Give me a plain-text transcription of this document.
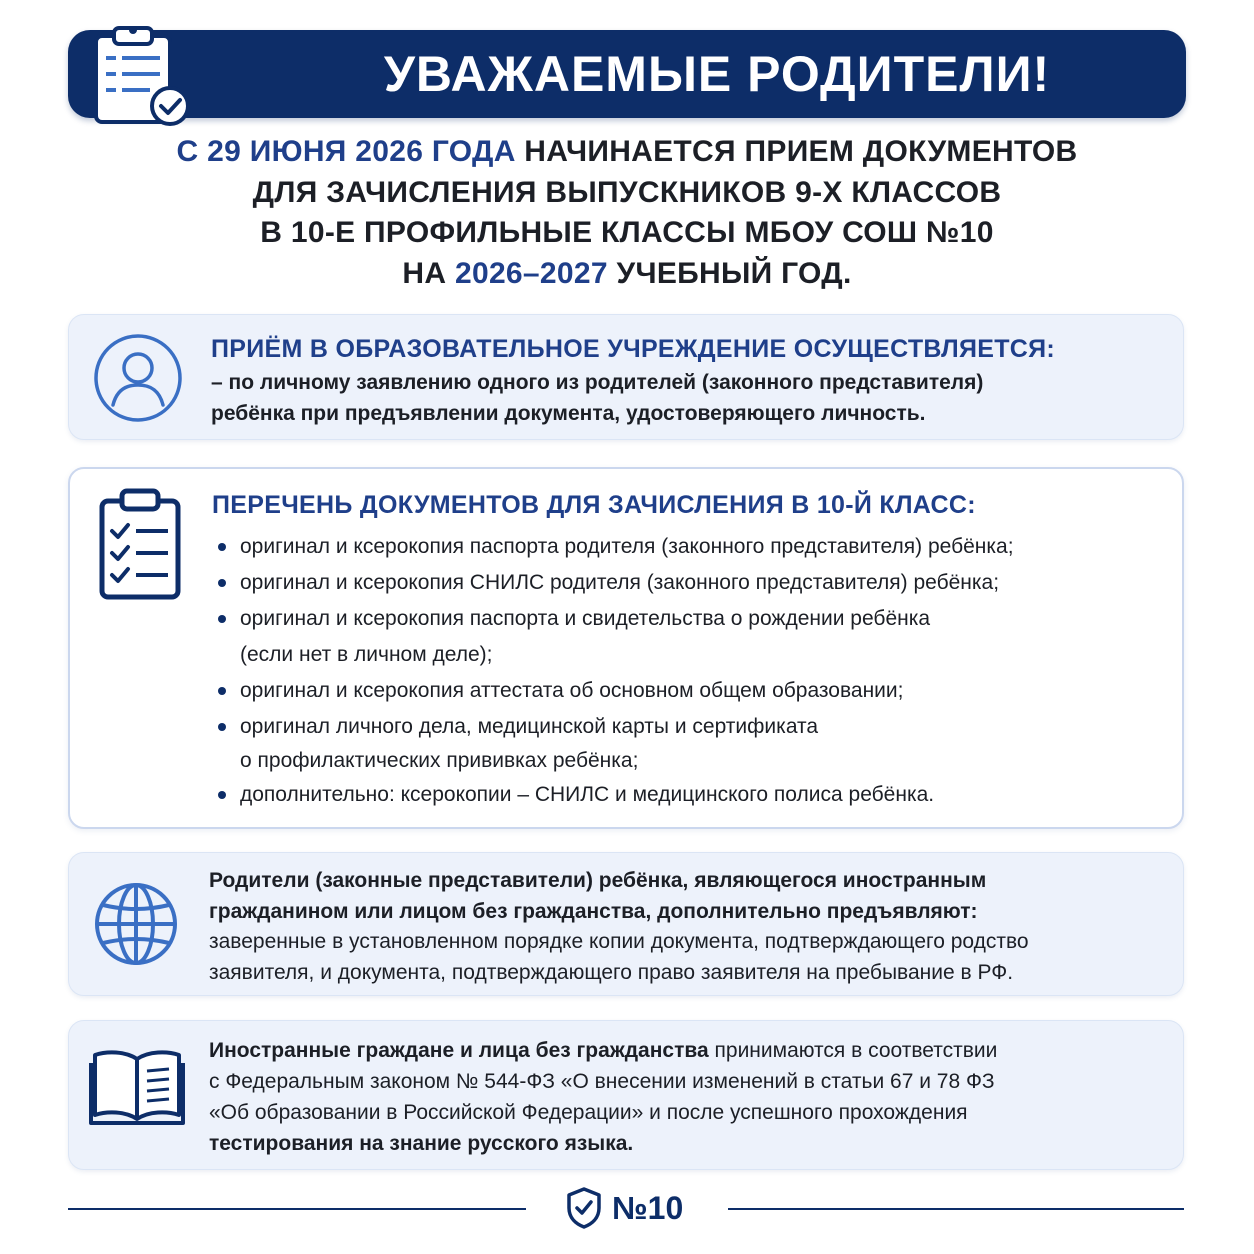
УВАЖАЕМЫЕ РОДИТЕЛИ!
С 29 ИЮНЯ 2026 ГОДА НАЧИНАЕТСЯ ПРИЕМ ДОКУМЕНТОВ
ДЛЯ ЗАЧИСЛЕНИЯ ВЫПУСКНИКОВ 9-Х КЛАССОВ
В 10-Е ПРОФИЛЬНЫЕ КЛАССЫ МБОУ СОШ №10
НА 2026–2027 УЧЕБНЫЙ ГОД.
ПРИЁМ В ОБРАЗОВАТЕЛЬНОЕ УЧРЕЖДЕНИЕ ОСУЩЕСТВЛЯЕТСЯ:
– по личному заявлению одного из родителей (законного представителя)
ребёнка при предъявлении документа, удостоверяющего личность.
ПЕРЕЧЕНЬ ДОКУМЕНТОВ ДЛЯ ЗАЧИСЛЕНИЯ В 10-Й КЛАСС:
оригинал и ксерокопия паспорта родителя (законного представителя) ребёнка;
оригинал и ксерокопия СНИЛС родителя (законного представителя) ребёнка;
оригинал и ксерокопия паспорта и свидетельства о рождении ребёнка
(если нет в личном деле);
оригинал и ксерокопия аттестата об основном общем образовании;
оригинал личного дела, медицинской карты и сертификата
о профилактических прививках ребёнка;
дополнительно: ксерокопии – СНИЛС и медицинского полиса ребёнка.
Родители (законные представители) ребёнка, являющегося иностранным
гражданином или лицом без гражданства, дополнительно предъявляют:
заверенные в установленном порядке копии документа, подтверждающего родство
заявителя, и документа, подтверждающего право заявителя на пребывание в РФ.
Иностранные граждане и лица без гражданства принимаются в соответствии
с Федеральным законом № 544-ФЗ «О внесении изменений в статьи 67 и 78 ФЗ
«Об образовании в Российской Федерации» и после успешного прохождения
тестирования на знание русского языка.
№10
